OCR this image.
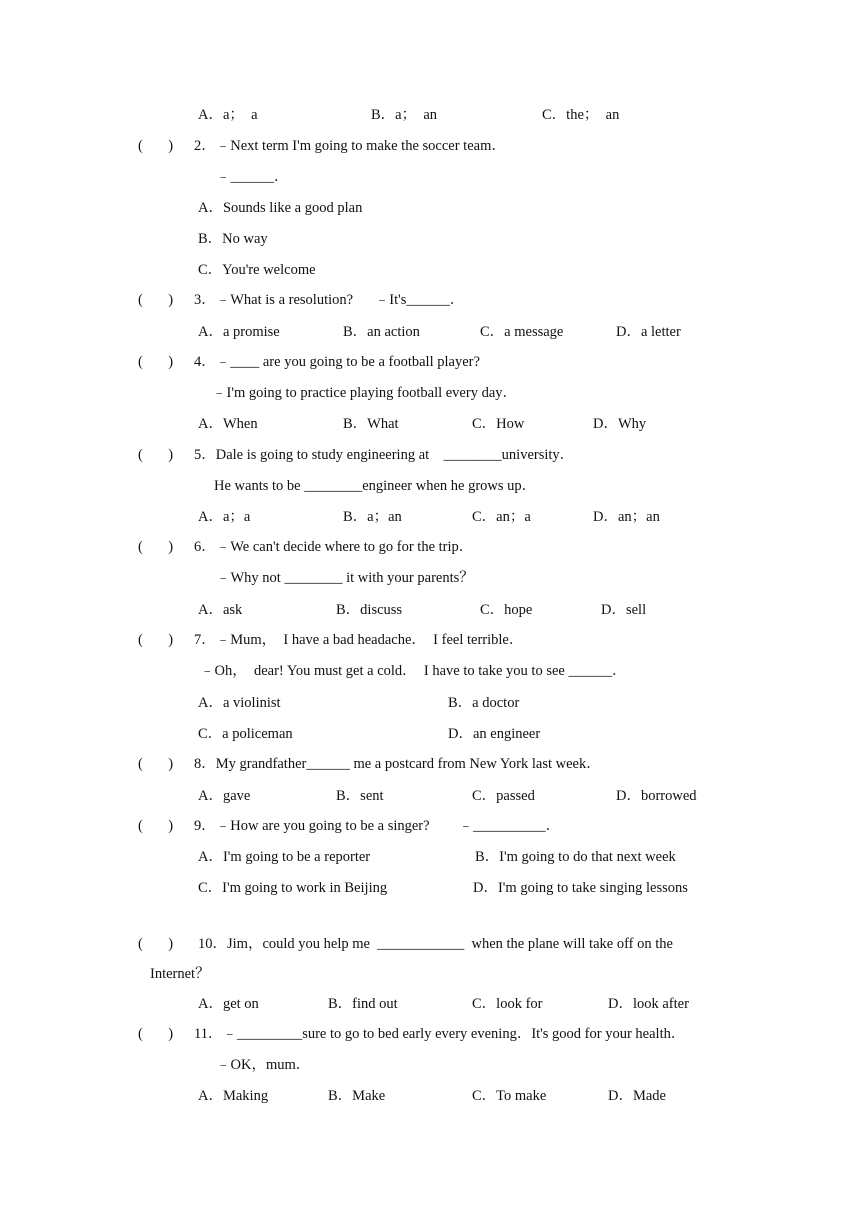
A．a；  a	B．a；  an	C．the；  an
(       ) 2．﹣Next term I'm going to make the soccer team．
﹣______．
A．Sounds like a good plan
B．No way
C．You're welcome
(       ) 3．﹣What is a resolution?      ﹣It's______．
A．a promise	B．an action	C．a message	D．a letter
(       ) 4．﹣____ are you going to be a football player?
﹣I'm going to practice playing football every day．
A．When	B．What	C．How	D．Why
(       ) 5．Dale is going to study engineering at    ________university．
He wants to be ________engineer when he grows up．
A．a；a	B．a；an	C．an；a	D．an；an
(       ) 6．﹣We can't decide where to go for the trip．
﹣Why not ________ it with your parents？
A．ask	B．discuss	C．hope	D．sell
(       ) 7．﹣Mum，  I have a bad headache．  I feel terrible．
﹣Oh，  dear! You must get a cold．  I have to take you to see ______．
A．a violinist	B．a doctor
C．a policeman	D．an engineer
(       ) 8．My grandfather______ me a postcard from New York last week．
A．gave	B．sent	C．passed	D．borrowed
(       ) 9．﹣How are you going to be a singer?        ﹣__________．
A．I'm going to be a reporter	B．I'm going to do that next week
C．I'm going to work in Beijing	D．I'm going to take singing lessons
(       ) 10．Jim，could you help me  ____________  when the plane will take off on the
Internet？
A．get on	B．find out	C．look for	D．look after
(       ) 11．﹣_________sure to go to bed early every evening．It's good for your health．
﹣OK，mum．
A．Making	B．Make	C．To make	D．Made
